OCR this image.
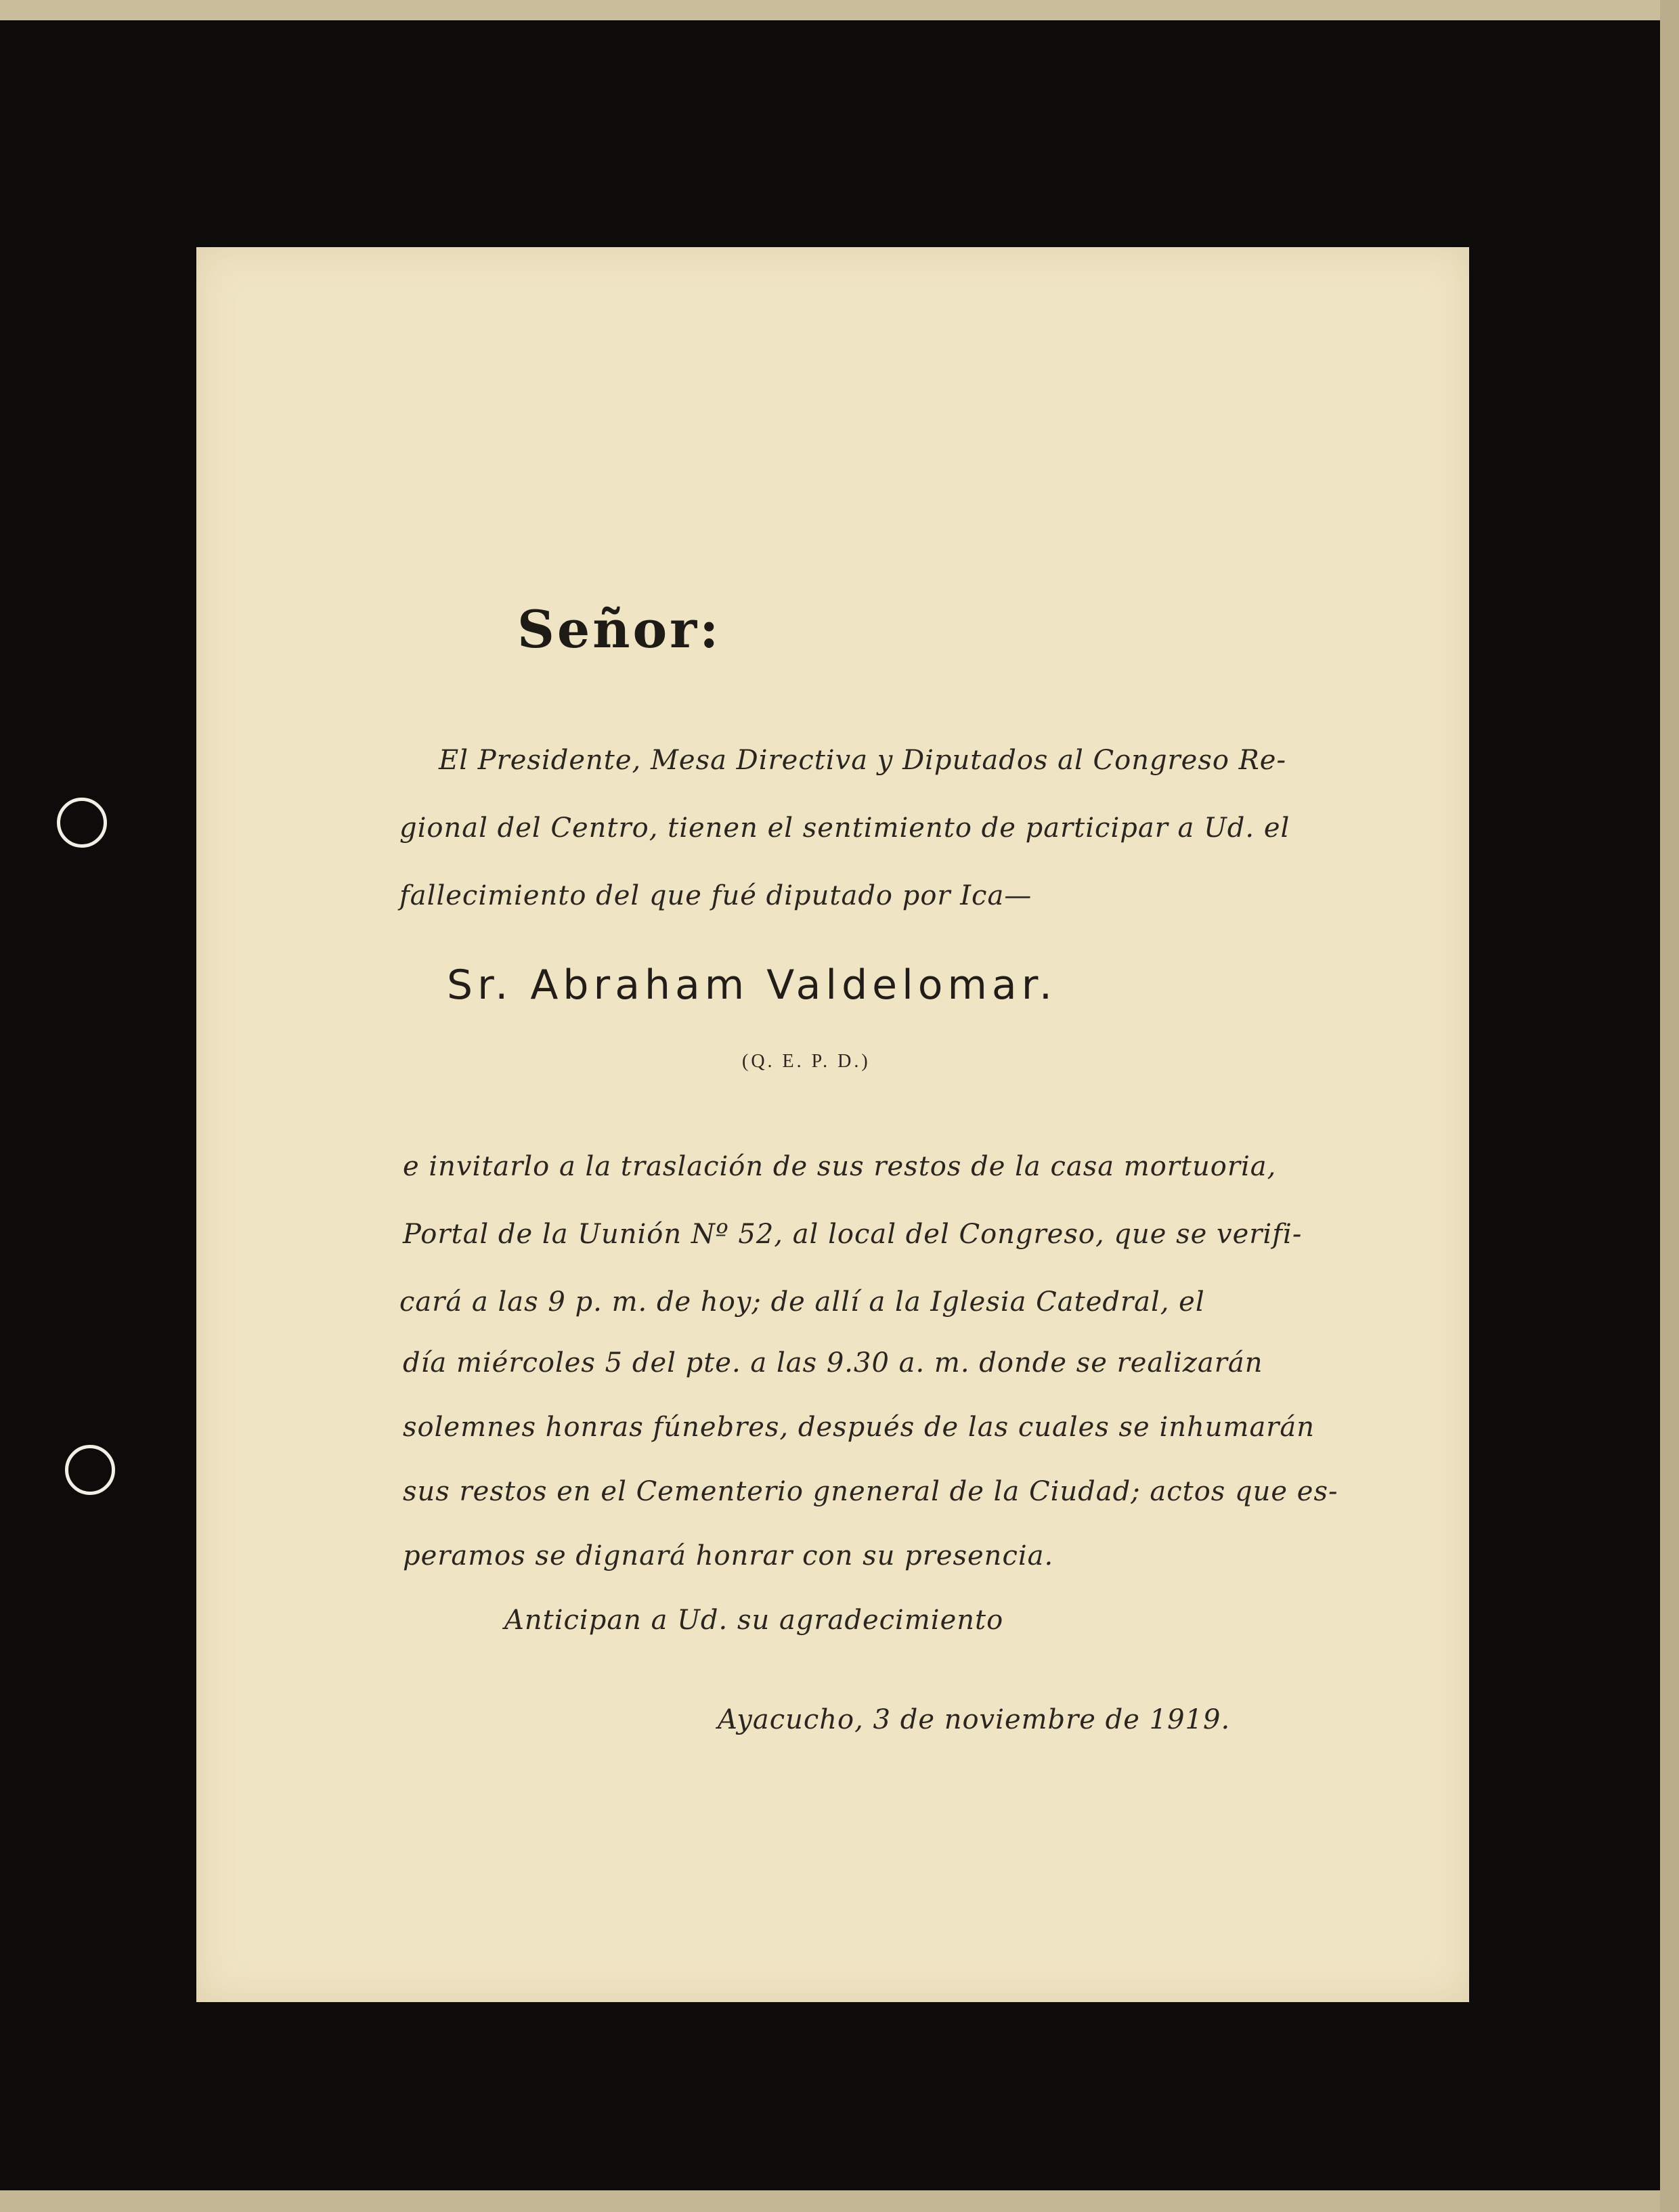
Señor:
El Presidente, Mesa Directiva y Diputados al Congreso Re-
gional del Centro, tienen el sentimiento de participar a Ud. el
fallecimiento del que fué diputado por Ica—
Sr. Abraham Valdelomar.
(Q. E. P. D.)
e invitarlo a la traslación de sus restos de la casa mortuoria,
Portal de la Uunión Nº 52, al local del Congreso, que se verifi-
cará a las 9 p. m. de hoy; de allí a la Iglesia Catedral, el
día miércoles 5 del pte. a las 9.30 a. m. donde se realizarán
solemnes honras fúnebres, después de las cuales se inhumarán
sus restos en el Cementerio gneneral de la Ciudad; actos que es-
peramos se dignará honrar con su presencia.
Anticipan a Ud. su agradecimiento
Ayacucho, 3 de noviembre de 1919.
